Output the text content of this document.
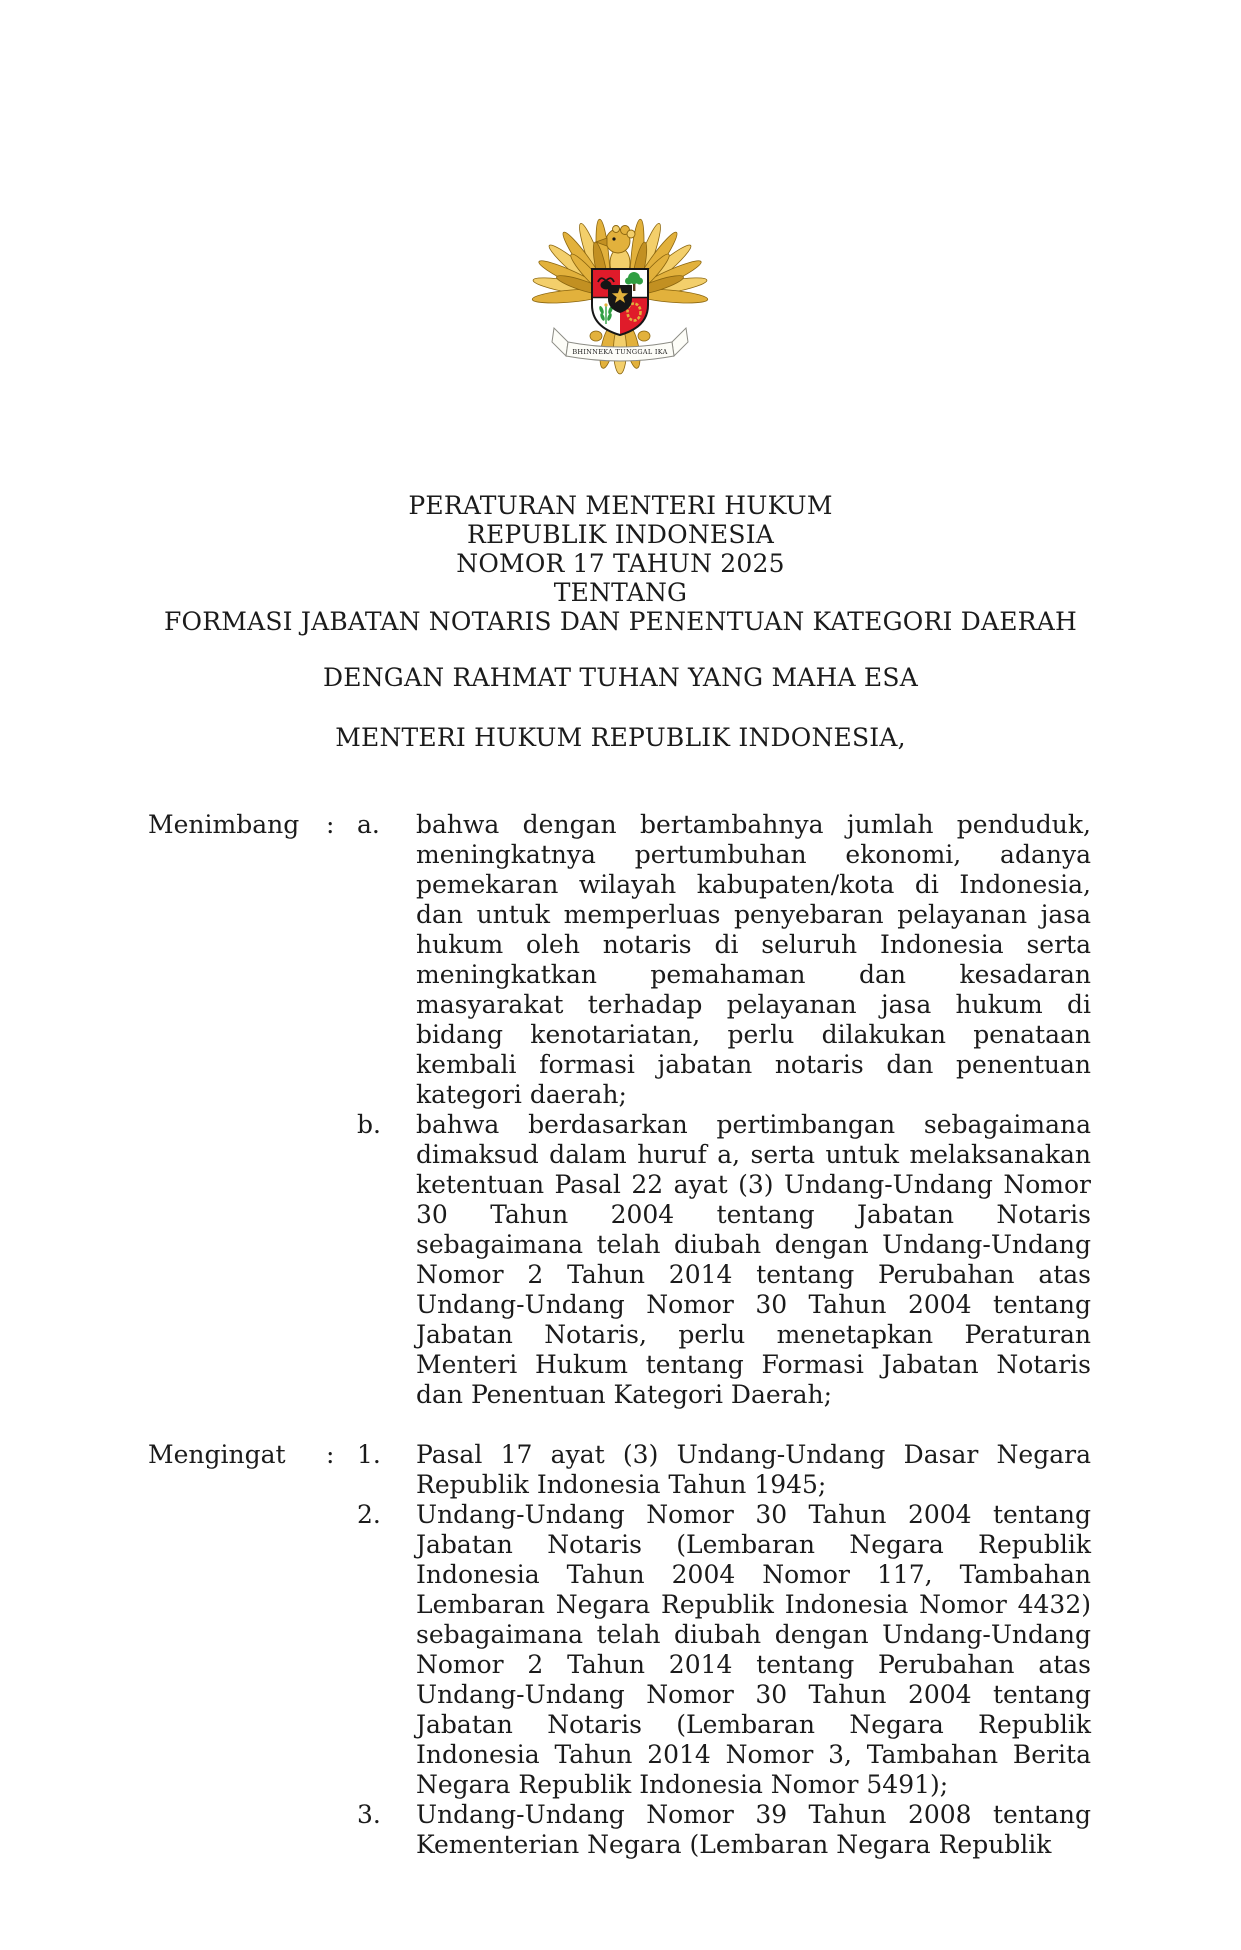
BHINNEKA TUNGGAL IKA
PERATURAN MENTERI HUKUM
REPUBLIK INDONESIA
NOMOR 17 TAHUN 2025
TENTANG
FORMASI JABATAN NOTARIS DAN PENENTUAN KATEGORI DAERAH
DENGAN RAHMAT TUHAN YANG MAHA ESA
MENTERI HUKUM REPUBLIK INDONESIA,
Menimbang	: a.	bahwa dengan bertambahnya jumlah penduduk, meningkatnya pertumbuhan ekonomi, adanya pemekaran wilayah kabupaten/kota di Indonesia, dan untuk memperluas penyebaran pelayanan jasa hukum oleh notaris di seluruh Indonesia serta meningkatkan pemahaman dan kesadaran masyarakat terhadap pelayanan jasa hukum di bidang kenotariatan, perlu dilakukan penataan kembali formasi jabatan notaris dan penentuan kategori daerah;
b.	bahwa berdasarkan pertimbangan sebagaimana dimaksud dalam huruf a, serta untuk melaksanakan ketentuan Pasal 22 ayat (3) Undang-Undang Nomor 30 Tahun 2004 tentang Jabatan Notaris sebagaimana telah diubah dengan Undang-Undang Nomor 2 Tahun 2014 tentang Perubahan atas Undang-Undang Nomor 30 Tahun 2004 tentang Jabatan Notaris, perlu menetapkan Peraturan Menteri Hukum tentang Formasi Jabatan Notaris dan Penentuan Kategori Daerah;
Mengingat	: 1.	Pasal 17 ayat (3) Undang-Undang Dasar Negara Republik Indonesia Tahun 1945;
2.	Undang-Undang Nomor 30 Tahun 2004 tentang Jabatan Notaris (Lembaran Negara Republik Indonesia Tahun 2004 Nomor 117, Tambahan Lembaran Negara Republik Indonesia Nomor 4432) sebagaimana telah diubah dengan Undang-Undang Nomor 2 Tahun 2014 tentang Perubahan atas Undang-Undang Nomor 30 Tahun 2004 tentang Jabatan Notaris (Lembaran Negara Republik Indonesia Tahun 2014 Nomor 3, Tambahan Berita Negara Republik Indonesia Nomor 5491);
3.	Undang-Undang Nomor 39 Tahun 2008 tentang Kementerian Negara (Lembaran Negara Republik
